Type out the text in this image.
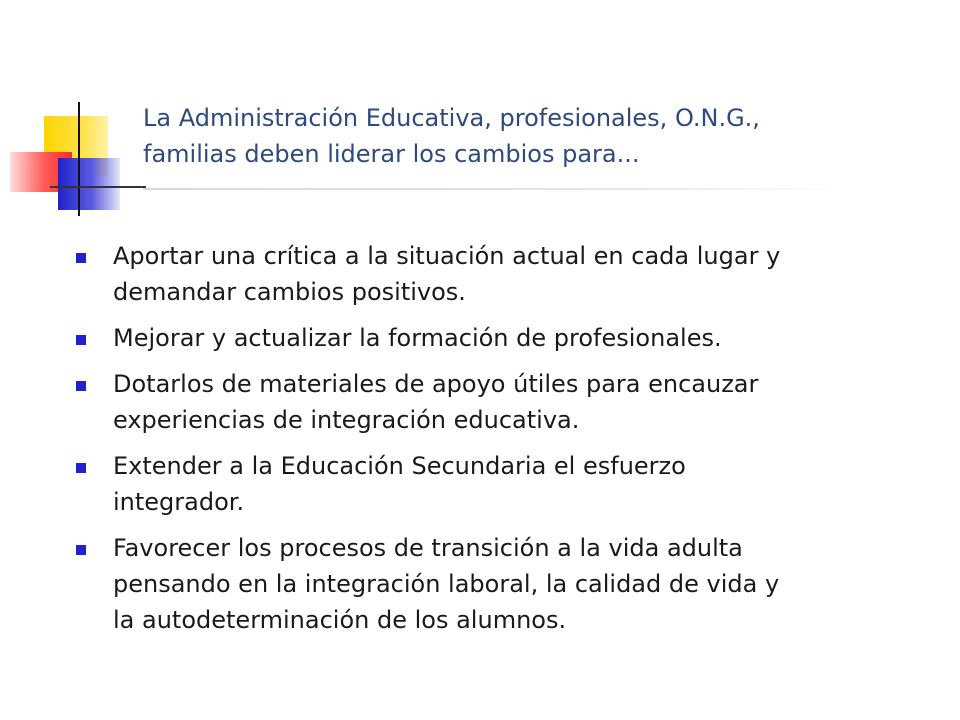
La Administración Educativa, profesionales, O.N.G.,
familias deben liderar los cambios para...
Aportar una crítica a la situación actual en cada lugar y
demandar cambios positivos.
Mejorar y actualizar la formación de profesionales.
Dotarlos de materiales de apoyo útiles para encauzar
experiencias de integración educativa.
Extender a la Educación Secundaria el esfuerzo
integrador.
Favorecer los procesos de transición a la vida adulta
pensando en la integración laboral, la calidad de vida y
la autodeterminación de los alumnos.
